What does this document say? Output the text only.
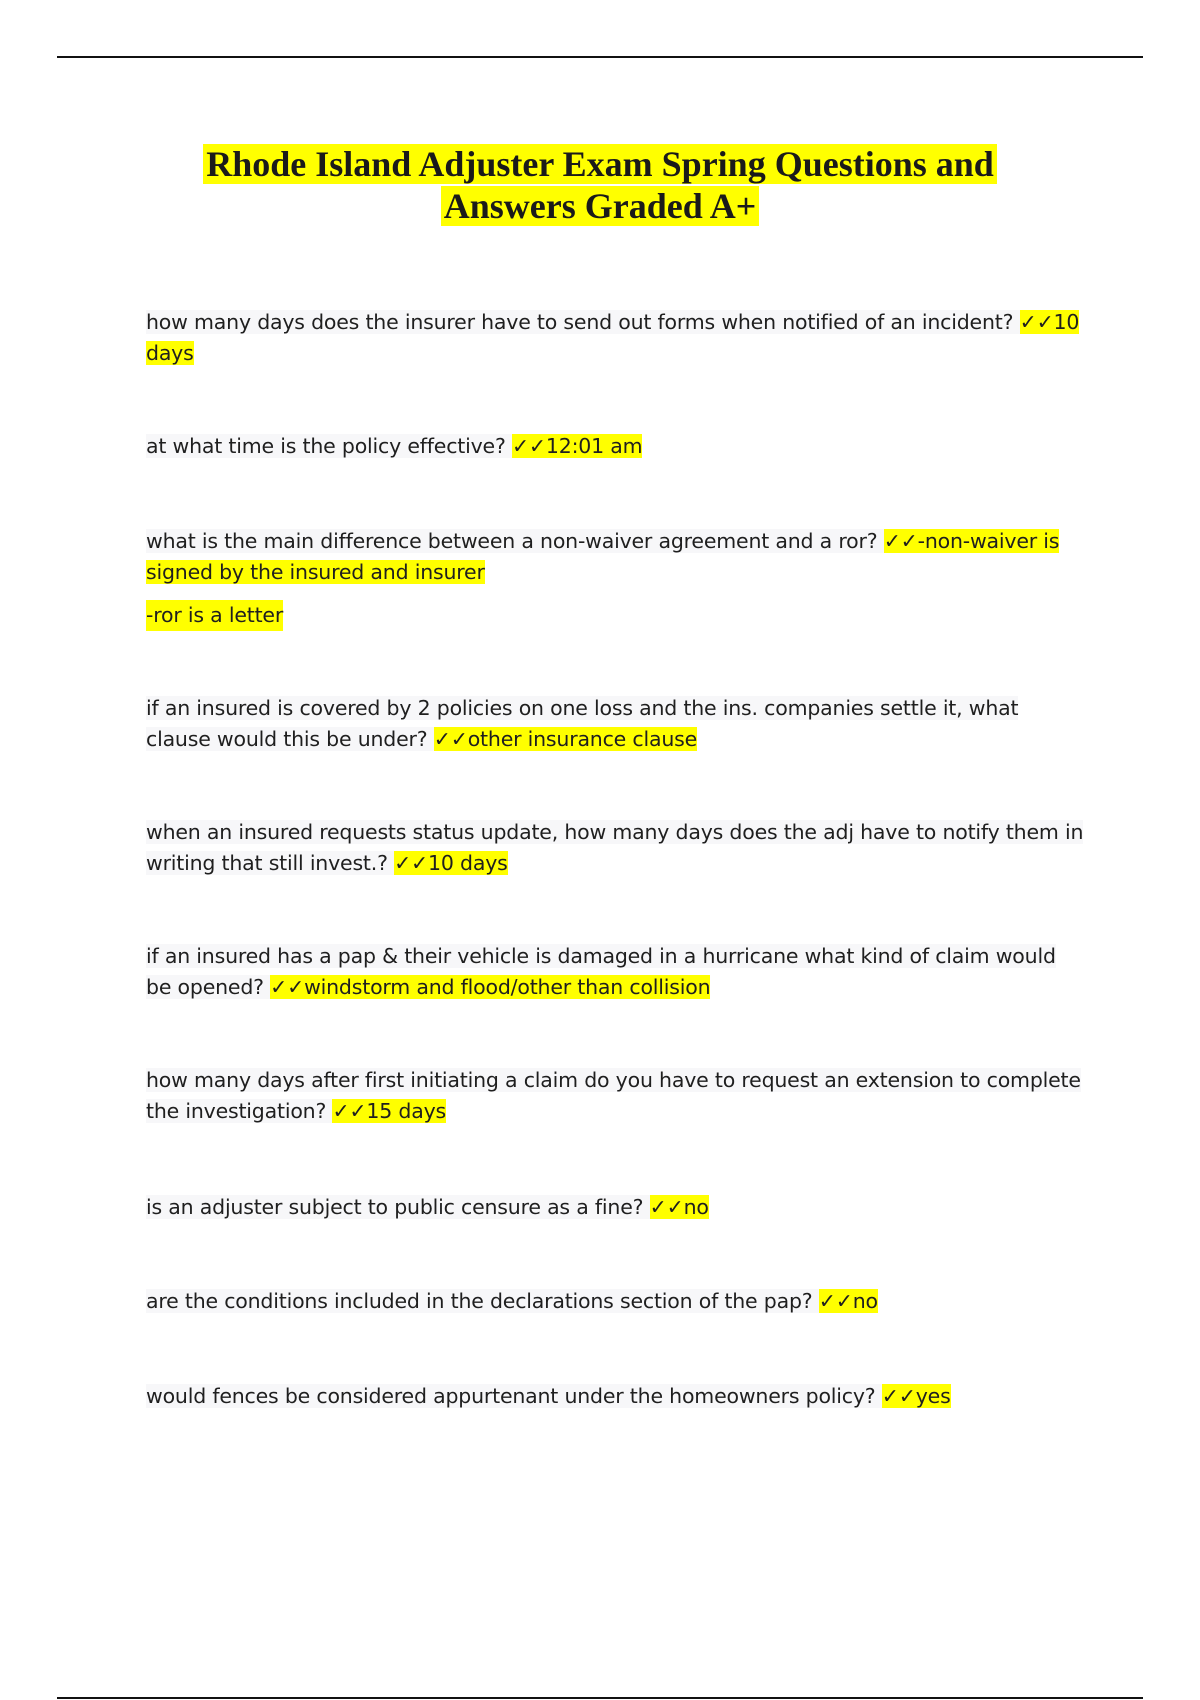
Rhode Island Adjuster Exam Spring Questions and
Answers Graded A+
how many days does the insurer have to send out forms when notified of an incident? ✓✓10 days
at what time is the policy effective? ✓✓12:01 am
what is the main difference between a non-waiver agreement and a ror? ✓✓-non-waiver is signed by the insured and insurer
-ror is a letter
if an insured is covered by 2 policies on one loss and the ins. companies settle it, what clause would this be under? ✓✓other insurance clause
when an insured requests status update, how many days does the adj have to notify them in writing that still invest.? ✓✓10 days
if an insured has a pap & their vehicle is damaged in a hurricane what kind of claim would be opened? ✓✓windstorm and flood/other than collision
how many days after first initiating a claim do you have to request an extension to complete the investigation? ✓✓15 days
is an adjuster subject to public censure as a fine? ✓✓no
are the conditions included in the declarations section of the pap? ✓✓no
would fences be considered appurtenant under the homeowners policy? ✓✓yes
